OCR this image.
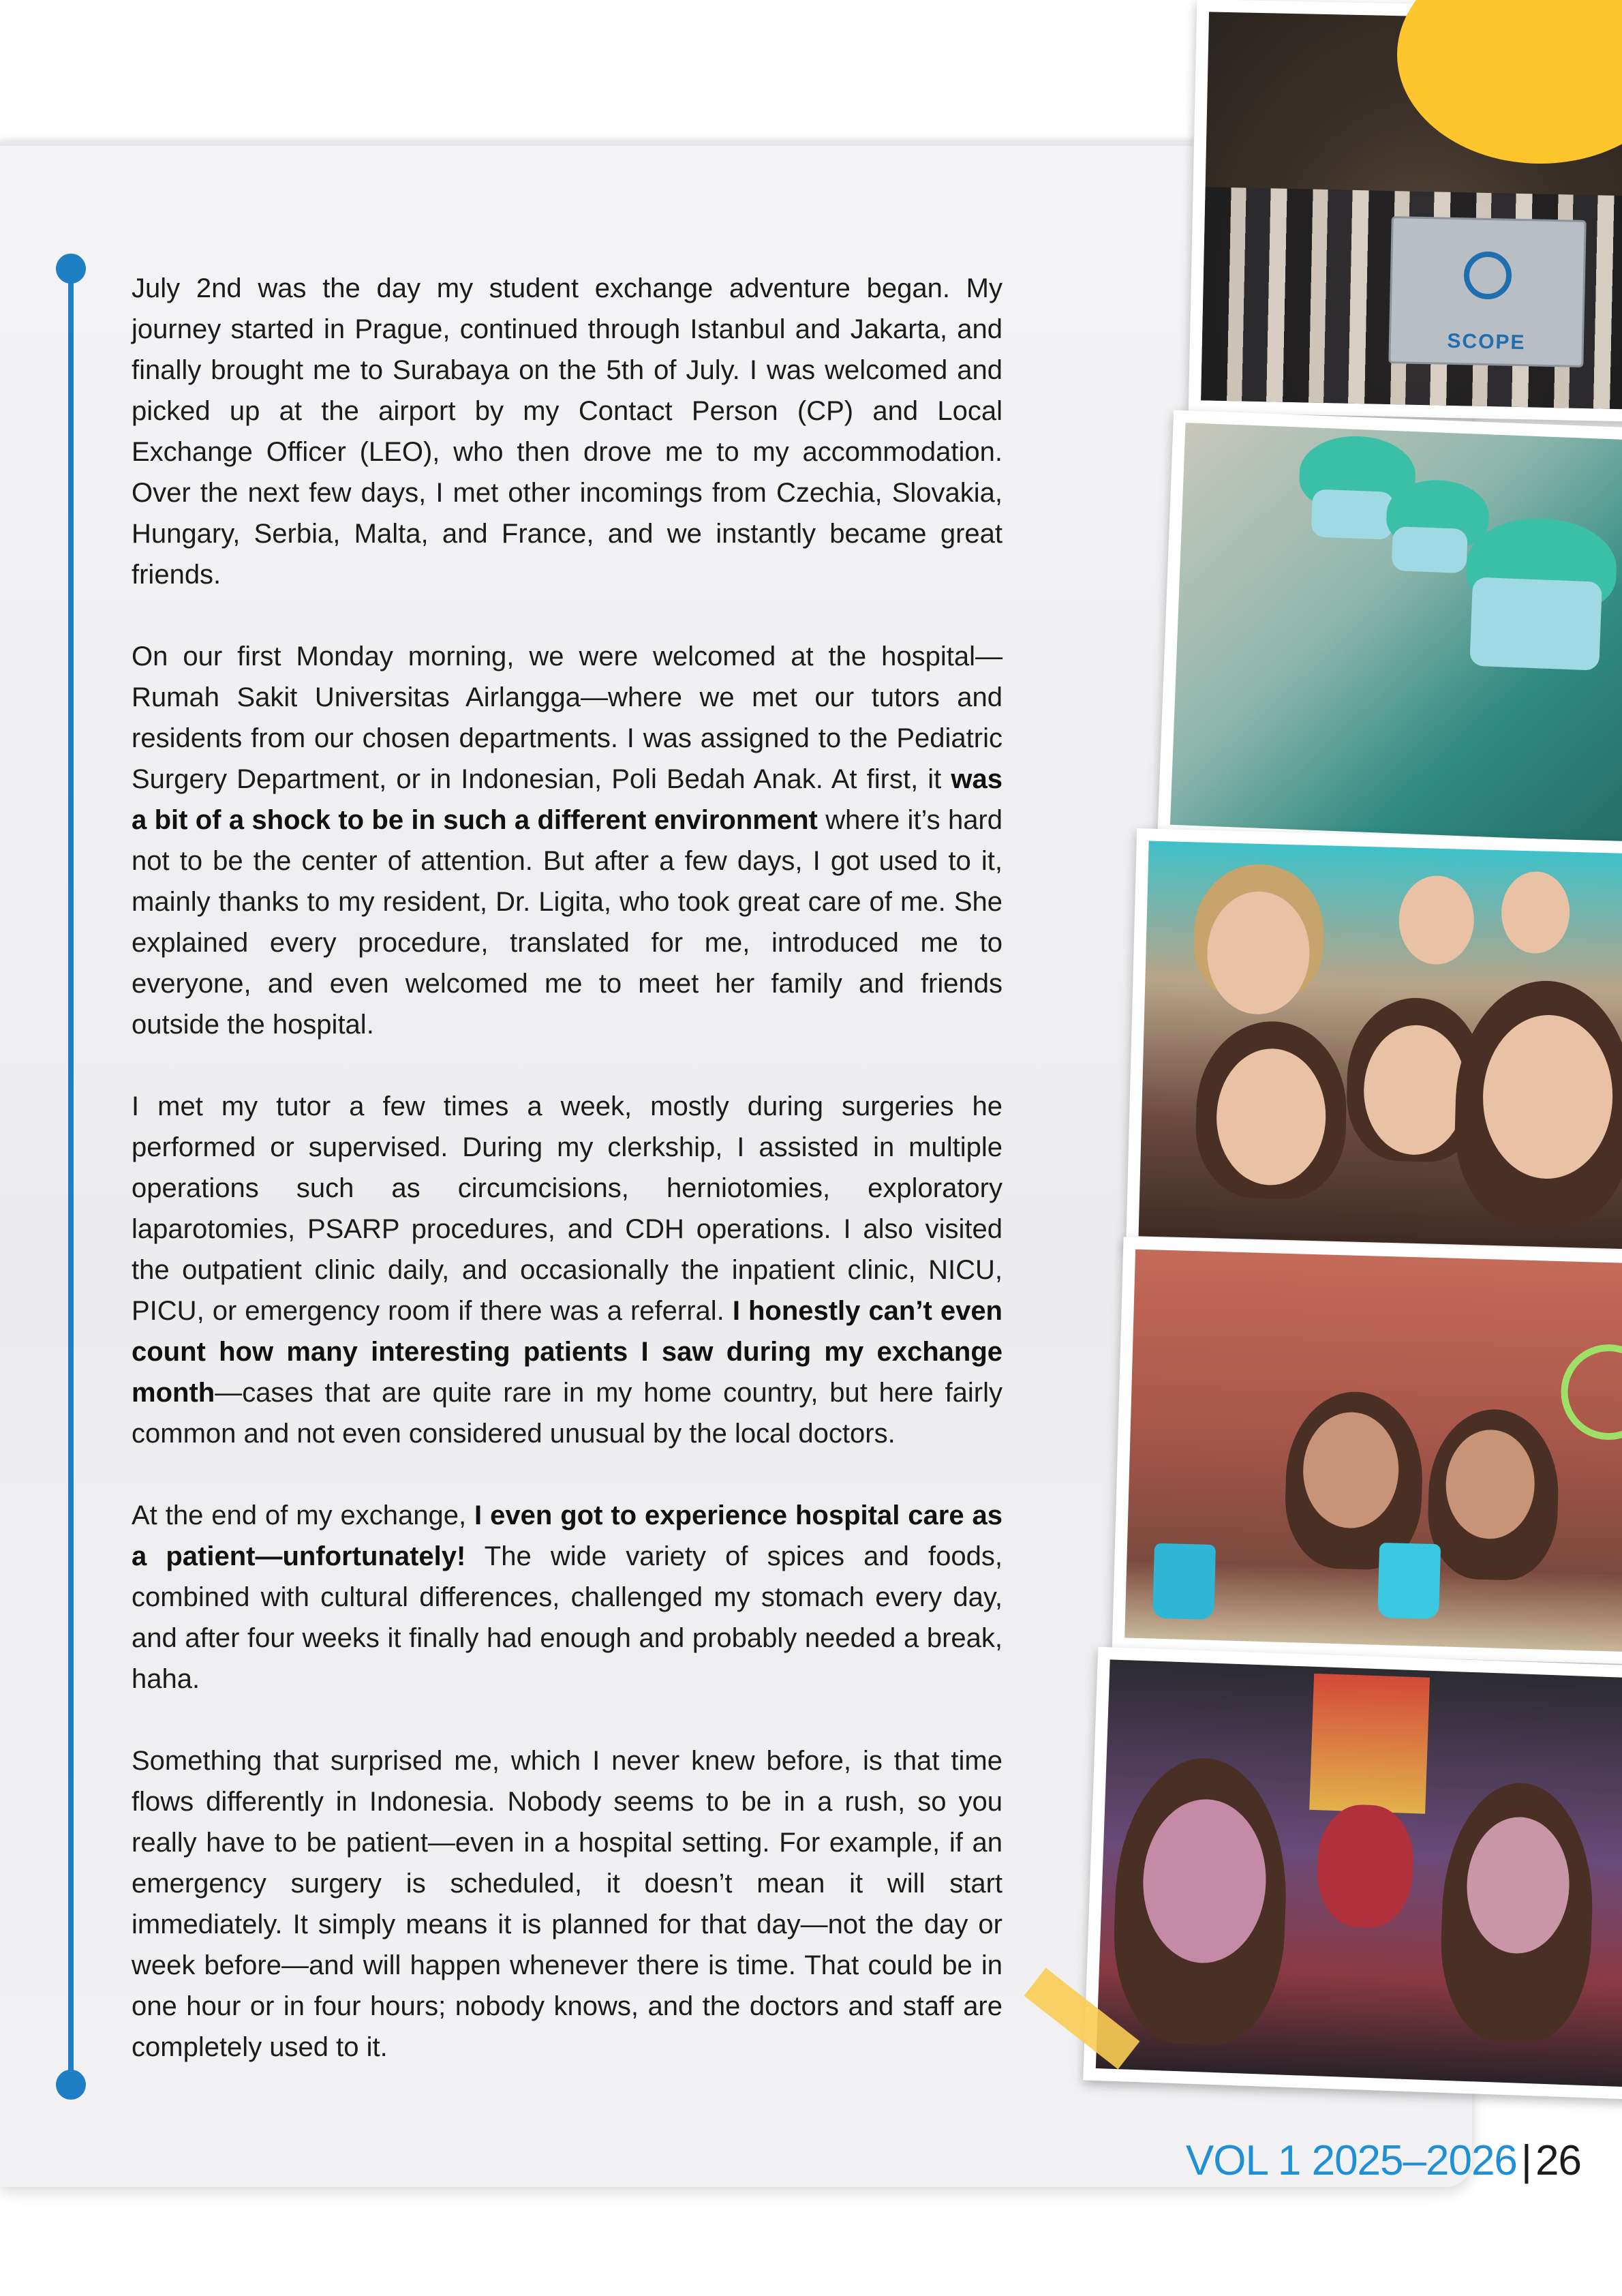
July 2nd was the day my student exchange adventure began. My journey started in Prague, continued through Istanbul and Jakarta, and finally brought me to Surabaya on the 5th of July. I was welcomed and picked up at the airport by my Contact Person (CP) and Local Exchange Officer (LEO), who then drove me to my accommodation. Over the next few days, I met other incomings from Czechia, Slovakia, Hungary, Serbia, Malta, and France, and we instantly became great friends.

On our first Monday morning, we were welcomed at the hospital—Rumah Sakit Universitas Airlangga—where we met our tutors and residents from our chosen departments. I was assigned to the Pediatric Surgery Department, or in Indonesian, Poli Bedah Anak. At first, it was a bit of a shock to be in such a different environment where it’s hard not to be the center of attention. But after a few days, I got used to it, mainly thanks to my resident, Dr. Ligita, who took great care of me. She explained every procedure, translated for me, introduced me to everyone, and even welcomed me to meet her family and friends outside the hospital.

I met my tutor a few times a week, mostly during surgeries he performed or supervised. During my clerkship, I assisted in multiple operations such as circumcisions, herniotomies, exploratory laparotomies, PSARP procedures, and CDH operations. I also visited the outpatient clinic daily, and occasionally the inpatient clinic, NICU, PICU, or emergency room if there was a referral. I honestly can’t even count how many interesting patients I saw during my exchange month—cases that are quite rare in my home country, but here fairly common and not even considered unusual by the local doctors.

At the end of my exchange, I even got to experience hospital care as a patient—unfortunately! The wide variety of spices and foods, combined with cultural differences, challenged my stomach every day, and after four weeks it finally had enough and probably needed a break, haha.

Something that surprised me, which I never knew before, is that time flows differently in Indonesia. Nobody seems to be in a rush, so you really have to be patient—even in a hospital setting. For example, if an emergency surgery is scheduled, it doesn’t mean it will start immediately. It simply means it is planned for that day—not the day or week before—and will happen whenever there is time. That could be in one hour or in four hours; nobody knows, and the doctors and staff are completely used to it.

SCOPE
VOL 1 2025–2026|26
